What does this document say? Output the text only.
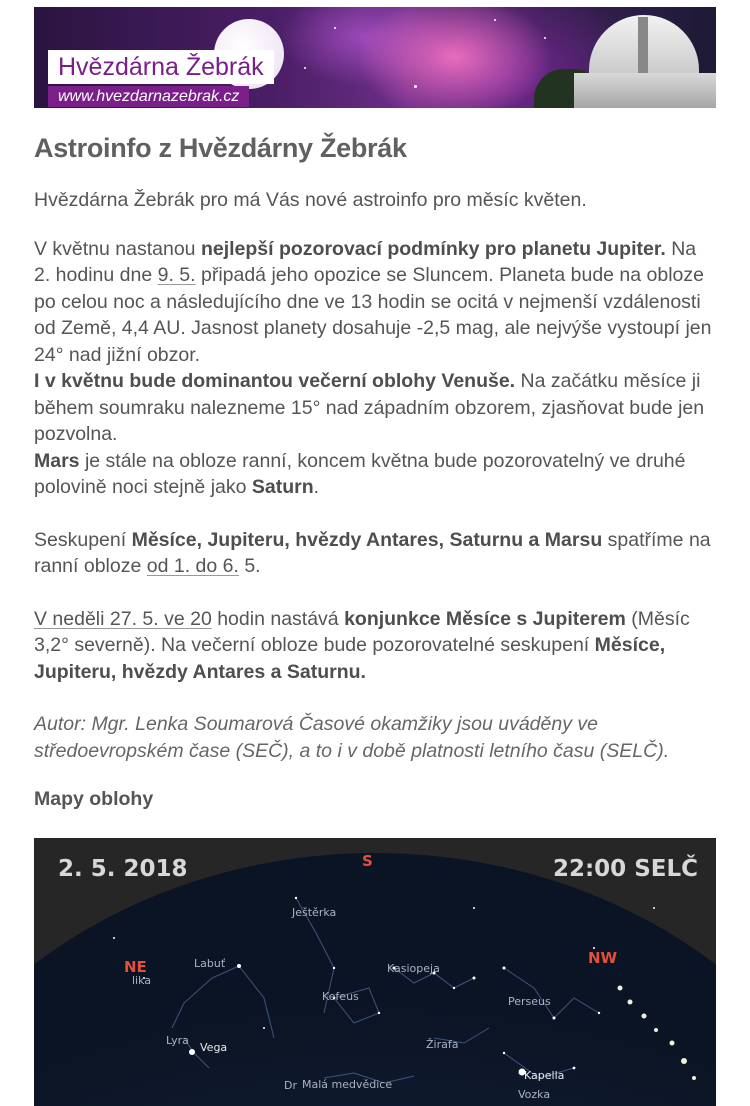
Hvězdárna Žebrák
www.hvezdarnazebrak.cz
Astroinfo z Hvězdárny Žebrák

Hvězdárna Žebrák pro má Vás nové astroinfo pro měsíc květen.

V květnu nastanou nejlepší pozorovací podmínky pro planetu Jupiter. Na 2. hodinu dne 9. 5. připadá jeho opozice se Sluncem. Planeta bude na obloze po celou noc a následujícího dne ve 13 hodin se ocitá v nejmenší vzdálenosti od Země, 4,4 AU. Jasnost planety dosahuje -2,5 mag, ale nejvýše vystoupí jen 24° nad jižní obzor.
I v květnu bude dominantou večerní oblohy Venuše. Na začátku měsíce ji během soumraku nalezneme 15° nad západním obzorem, zjasňovat bude jen pozvolna.
Mars je stále na obloze ranní, koncem května bude pozorovatelný ve druhé polovině noci stejně jako Saturn.

Seskupení Měsíce, Jupiteru, hvězdy Antares, Saturnu a Marsu spatříme na ranní obloze od 1. do 6. 5.

V neděli 27. 5. ve 20 hodin nastává konjunkce Měsíce s Jupiterem (Měsíc 3,2° severně). Na večerní obloze bude pozorovatelné seskupení Měsíce, Jupiteru, hvězdy Antares a Saturnu.

Autor: Mgr. Lenka Soumarová Časové okamžiky jsou uváděny ve středoevropském čase (SEČ), a to i v době platnosti letního času (SELČ).

Mapy oblohy
2. 5. 2018	22:00 SELČ
S
NE	NW
Ještěrka
Labuť	Kasiopeja
Kefeus	Perseus
Lyra	Žirafa
Malá medvědice
Dr
Vozka
lika
Vega
Kapella
